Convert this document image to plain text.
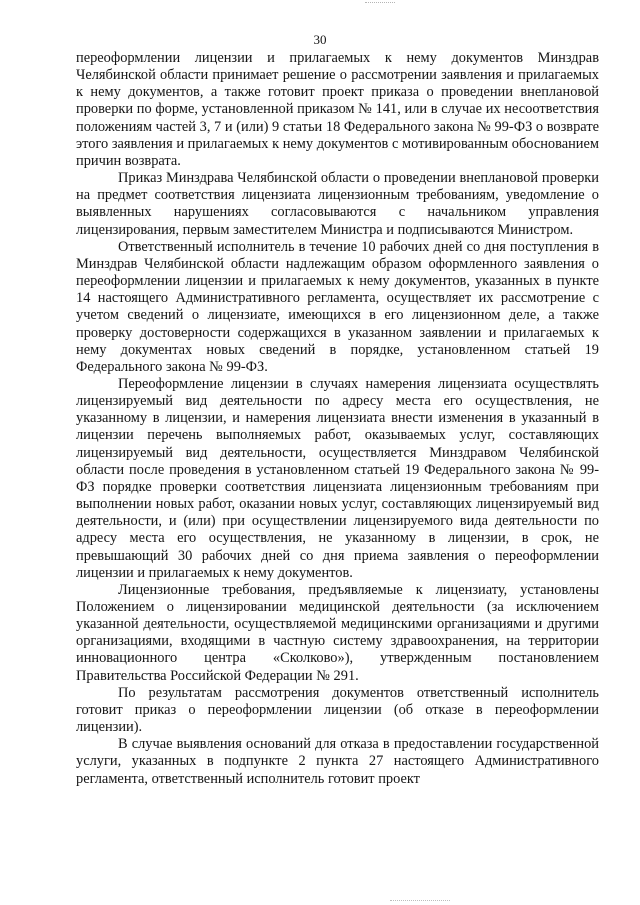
30

переоформлении лицензии и прилагаемых к нему документов Минздрав Челябинской области принимает решение о рассмотрении заявления и прилагаемых к нему документов, а также готовит проект приказа о проведении внеплановой проверки по форме, установленной приказом № 141, или в случае их несоответствия положениям частей 3, 7 и (или) 9 статьи 18 Федерального закона № 99-ФЗ о возврате этого заявления и прилагаемых к нему документов с мотивированным обоснованием причин возврата.

Приказ Минздрава Челябинской области о проведении внеплановой проверки на предмет соответствия лицензиата лицензионным требованиям, уведомление о выявленных нарушениях согласовываются с начальником управления лицензирования, первым заместителем Министра и подписываются Министром.

Ответственный исполнитель в течение 10 рабочих дней со дня поступления в Минздрав Челябинской области надлежащим образом оформленного заявления о переоформлении лицензии и прилагаемых к нему документов, указанных в пункте 14 настоящего Административного регламента, осуществляет их рассмотрение с учетом сведений о лицензиате, имеющихся в его лицензионном деле, а также проверку достоверности содержащихся в указанном заявлении и прилагаемых к нему документах новых сведений в порядке, установленном статьей 19 Федерального закона № 99-ФЗ.

Переоформление лицензии в случаях намерения лицензиата осуществлять лицензируемый вид деятельности по адресу места его осуществления, не указанному в лицензии, и намерения лицензиата внести изменения в указанный в лицензии перечень выполняемых работ, оказываемых услуг, составляющих лицензируемый вид деятельности, осуществляется Минздравом Челябинской области после проведения в установленном статьей 19 Федерального закона № 99-ФЗ порядке проверки соответствия лицензиата лицензионным требованиям при выполнении новых работ, оказании новых услуг, составляющих лицензируемый вид деятельности, и (или) при осуществлении лицензируемого вида деятельности по адресу места его осуществления, не указанному в лицензии, в срок, не превышающий 30 рабочих дней со дня приема заявления о переоформлении лицензии и прилагаемых к нему документов.

Лицензионные требования, предъявляемые к лицензиату, установлены Положением о лицензировании медицинской деятельности (за исключением указанной деятельности, осуществляемой медицинскими организациями и другими организациями, входящими в частную систему здравоохранения, на территории инновационного центра «Сколково»), утвержденным постановлением Правительства Российской Федерации № 291.

По результатам рассмотрения документов ответственный исполнитель готовит приказ о переоформлении лицензии (об отказе в переоформлении лицензии).

В случае выявления оснований для отказа в предоставлении государственной услуги, указанных в подпункте 2 пункта 27 настоящего Административного регламента, ответственный исполнитель готовит проект
